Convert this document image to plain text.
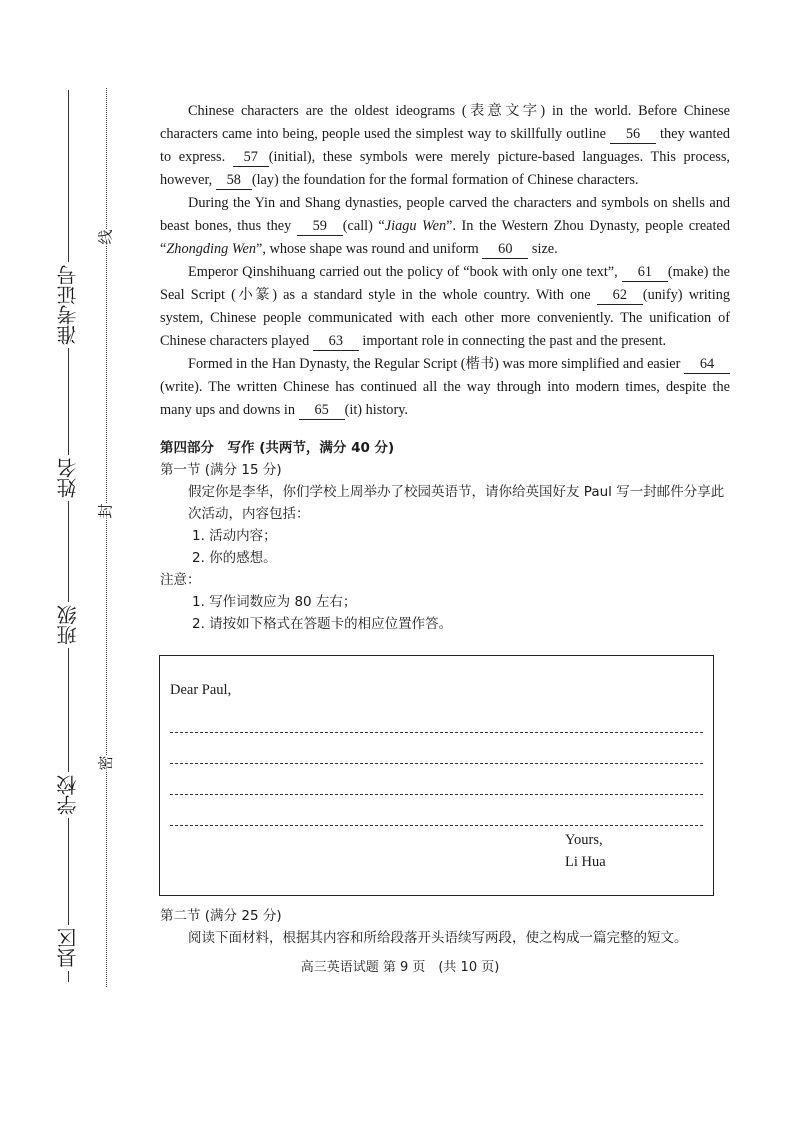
准考证号
姓名
班级
学校
县区
线
封
密

Chinese characters are the oldest ideograms (表意文字) in the world. Before Chinese characters came into being, people used the simplest way to skillfully outline 56 they wanted to express. 57 (initial), these symbols were merely picture-based languages. This process, however, 58 (lay) the foundation for the formal formation of Chinese characters.

During the Yin and Shang dynasties, people carved the characters and symbols on shells and beast bones, thus they 59 (call) “Jiagu Wen”. In the Western Zhou Dynasty, people created “Zhongding Wen”, whose shape was round and uniform 60 size.

Emperor Qinshihuang carried out the policy of “book with only one text”, 61 (make) the Seal Script (小篆) as a standard style in the whole country. With one 62 (unify) writing system, Chinese people communicated with each other more conveniently. The unification of Chinese characters played 63 important role in connecting the past and the present.

Formed in the Han Dynasty, the Regular Script (楷书) was more simplified and easier 64(write). The written Chinese has continued all the way through into modern times, despite the many ups and downs in 65 (it) history.

第四部分　写作 (共两节，满分 40 分)
第一节 (满分 15 分)
假定你是李华，你们学校上周举办了校园英语节，请你给英国好友 Paul 写一封邮件分享此次活动，内容包括：
1. 活动内容；
2. 你的感想。
注意：
1. 写作词数应为 80 左右；
2. 请按如下格式在答题卡的相应位置作答。
Dear Paul,
Yours,
Li Hua
第二节 (满分 25 分)
阅读下面材料，根据其内容和所给段落开头语续写两段，使之构成一篇完整的短文。
高三英语试题 第 9 页　(共 10 页)
